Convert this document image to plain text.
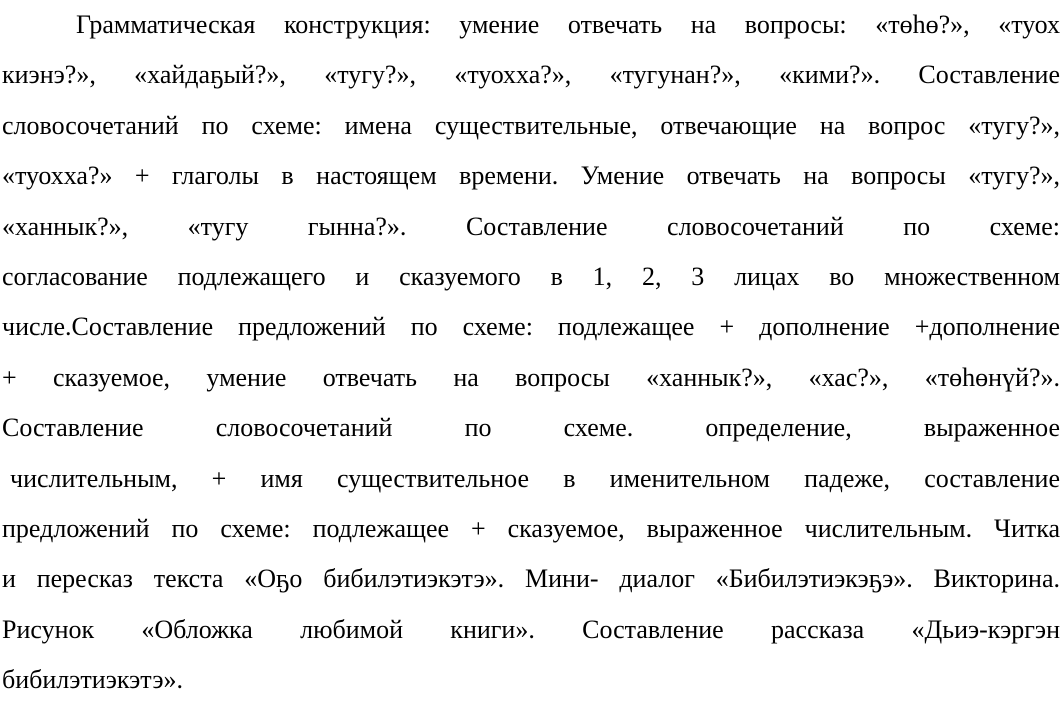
Грамматическая конструкция: умение отвечать на вопросы: «төһө?», «туох
киэнэ?», «хайдаҕый?», «тугу?», «туохха?», «тугунан?», «кими?». Составление
словосочетаний по схеме: имена существительные, отвечающие на вопрос «тугу?»,
«туохха?» + глаголы в настоящем времени. Умение отвечать на вопросы «тугу?»,
«ханнык?», «тугу гынна?». Составление словосочетаний по схеме:
согласование подлежащего и сказуемого в 1, 2, 3 лицах во множественном
числе.Составление предложений по схеме: подлежащее + дополнение +дополнение
+ сказуемое, умение отвечать на вопросы «ханнык?», «хас?», «төһөнүй?».
Составление словосочетаний по схеме. определение, выраженное
числительным, + имя существительное в именительном падеже, составление
предложений по схеме: подлежащее + сказуемое, выраженное числительным. Читка
и пересказ текста «Оҕо бибилэтиэкэтэ». Мини- диалог «Бибилэтиэкэҕэ». Викторина.
Рисунок «Обложка любимой книги». Составление рассказа «Дьиэ-кэргэн
бибилэтиэкэтэ».
